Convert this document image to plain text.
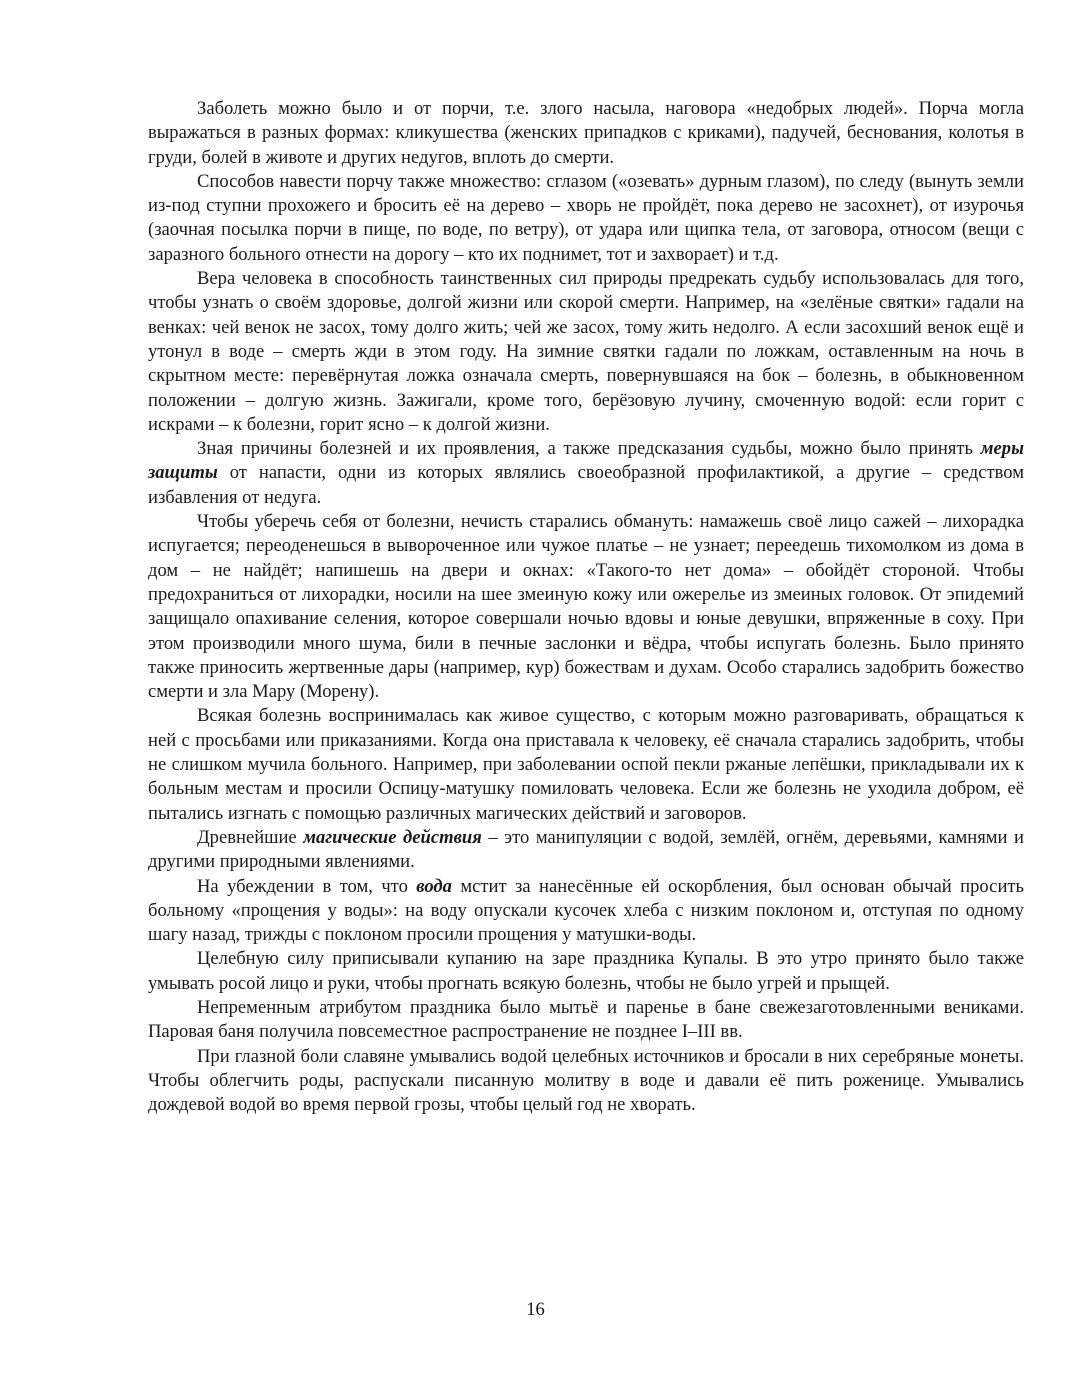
Заболеть можно было и от порчи, т.е. злого насыла, наговора «недобрых людей». Порча могла выражаться в разных формах: кликушества (женских припадков с криками), падучей, беснования, колотья в груди, болей в животе и других недугов, вплоть до смерти.

Способов навести порчу также множество: сглазом («озевать» дурным глазом), по следу (вынуть земли из-под ступни прохожего и бросить её на дерево – хворь не пройдёт, пока дерево не засохнет), от изурочья (заочная посылка порчи в пище, по воде, по ветру), от удара или щипка тела, от заговора, относом (вещи с заразного больного отнести на дорогу – кто их поднимет, тот и захворает) и т.д.

Вера человека в способность таинственных сил природы предрекать судьбу использовалась для того, чтобы узнать о своём здоровье, долгой жизни или скорой смерти. Например, на «зелёные святки» гадали на венках: чей венок не засох, тому долго жить; чей же засох, тому жить недолго. А если засохший венок ещё и утонул в воде – смерть жди в этом году. На зимние святки гадали по ложкам, оставленным на ночь в скрытном месте: перевёрнутая ложка означала смерть, повернувшаяся на бок – болезнь, в обыкновенном положении – долгую жизнь. Зажигали, кроме того, берёзовую лучину, смоченную водой: если горит с искрами – к болезни, горит ясно – к долгой жизни.

Зная причины болезней и их проявления, а также предсказания судьбы, можно было принять меры защиты от напасти, одни из которых являлись своеобразной профилактикой, а другие – средством избавления от недуга.

Чтобы уберечь себя от болезни, нечисть старались обмануть: намажешь своё лицо сажей – лихорадка испугается; переоденешься в вывороченное или чужое платье – не узнает; переедешь тихомолком из дома в дом – не найдёт; напишешь на двери и окнах: «Такого-то нет дома» – обойдёт стороной. Чтобы предохраниться от лихорадки, носили на шее змеиную кожу или ожерелье из змеиных головок. От эпидемий защищало опахивание селения, которое совершали ночью вдовы и юные девушки, впряженные в соху. При этом производили много шума, били в печные заслонки и вёдра, чтобы испугать болезнь. Было принято также приносить жертвенные дары (например, кур) божествам и духам. Особо старались задобрить божество смерти и зла Мару (Морену).

Всякая болезнь воспринималась как живое существо, с которым можно разговаривать, обращаться к ней с просьбами или приказаниями. Когда она приставала к человеку, её сначала старались задобрить, чтобы не слишком мучила больного. Например, при заболевании оспой пекли ржаные лепёшки, прикладывали их к больным местам и просили Оспицу-матушку помиловать человека. Если же болезнь не уходила добром, её пытались изгнать с помощью различных магических действий и заговоров.

Древнейшие магические действия – это манипуляции с водой, землёй, огнём, деревьями, камнями и другими природными явлениями.

На убеждении в том, что вода мстит за нанесённые ей оскорбления, был основан обычай просить больному «прощения у воды»: на воду опускали кусочек хлеба с низким поклоном и, отступая по одному шагу назад, трижды с поклоном просили прощения у матушки-воды.

Целебную силу приписывали купанию на заре праздника Купалы. В это утро принято было также умывать росой лицо и руки, чтобы прогнать всякую болезнь, чтобы не было угрей и прыщей.

Непременным атрибутом праздника было мытьё и паренье в бане свежезаготовленными вениками. Паровая баня получила повсеместное распространение не позднее I–III вв.

При глазной боли славяне умывались водой целебных источников и бросали в них серебряные монеты. Чтобы облегчить роды, распускали писанную молитву в воде и давали её пить роженице. Умывались дождевой водой во время первой грозы, чтобы целый год не хворать.

16
